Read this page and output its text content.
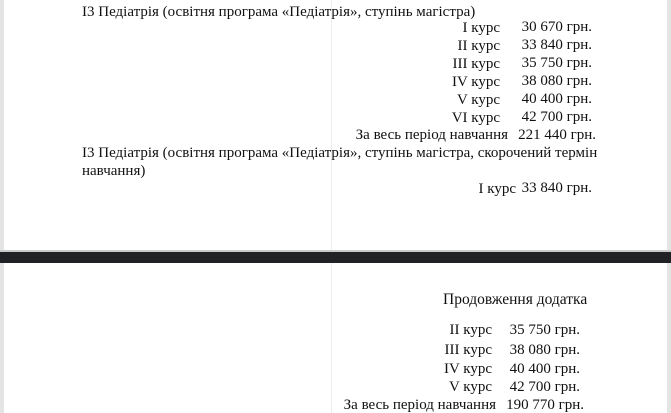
І3 Педіатрія (освітня програма «Педіатрія», ступінь магістра)
І курс	30 670 грн.
ІІ курс	33 840 грн.
ІІІ курс	35 750 грн.
IV курс	38 080 грн.
V курс	40 400 грн.
VI курс	42 700 грн.
За весь період навчання 221 440 грн.
І3 Педіатрія (освітня програма «Педіатрія», ступінь магістра, скорочений термін навчання)
І курс 33 840 грн.
Продовження додатка
ІІ курс	35 750 грн.
ІІІ курс	38 080 грн.
IV курс	40 400 грн.
V курс	42 700 грн.
За весь період навчання 190 770 грн.
